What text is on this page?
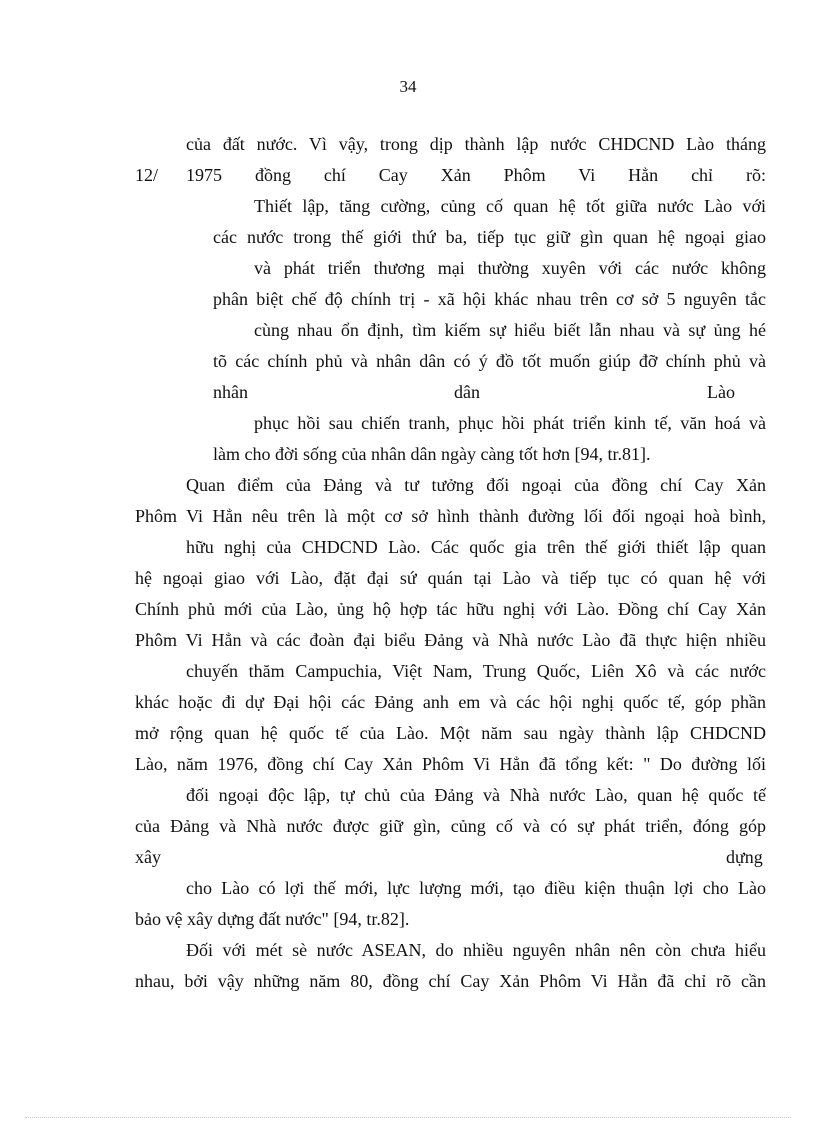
34
của đất nước. Vì vậy, trong dịp thành lập nước CHDCND Lào tháng
12/ 1975 đồng chí Cay Xản Phôm Vi Hẳn chỉ rõ:
Thiết lập, tăng cường, củng cố quan hệ tốt giữa nước Lào với
các nước trong thế giới thứ ba, tiếp tục giữ gìn quan hệ ngoại giao
và phát triển thương mại thường xuyên với các nước không
phân biệt chế độ chính trị - xã hội khác nhau trên cơ sở 5 nguyên tắc
cùng nhau ổn định, tìm kiếm sự hiểu biết lẫn nhau và sự ủng hé
tõ các chính phủ và nhân dân có ý đồ tốt muốn giúp đỡ chính phủ và
nhân	dân	Lào
phục hồi sau chiến tranh, phục hồi phát triển kinh tế, văn hoá và
làm cho đời sống của nhân dân ngày càng tốt hơn [94, tr.81].
Quan điểm của Đảng và tư tưởng đối ngoại của đồng chí Cay Xản
Phôm Vi Hẳn nêu trên là một cơ sở hình thành đường lối đối ngoại hoà bình,
hữu nghị của CHDCND Lào. Các quốc gia trên thế giới thiết lập quan
hệ ngoại giao với Lào, đặt đại sứ quán tại Lào và tiếp tục có quan hệ với
Chính phủ mới của Lào, ủng hộ hợp tác hữu nghị với Lào. Đồng chí Cay Xản
Phôm Vi Hẳn và các đoàn đại biểu Đảng và Nhà nước Lào đã thực hiện nhiều
chuyến thăm Campuchia, Việt Nam, Trung Quốc, Liên Xô và các nước
khác hoặc đi dự Đại hội các Đảng anh em và các hội nghị quốc tế, góp phần
mở rộng quan hệ quốc tế của Lào. Một năm sau ngày thành lập CHDCND
Lào, năm 1976, đồng chí Cay Xản Phôm Vi Hẳn đã tổng kết: " Do đường lối
đối ngoại độc lập, tự chủ của Đảng và Nhà nước Lào, quan hệ quốc tế
của Đảng và Nhà nước được giữ gìn, củng cố và có sự phát triển, đóng góp
xây	dựng
cho Lào có lợi thế mới, lực lượng mới, tạo điều kiện thuận lợi cho Lào
bảo vệ xây dựng đất nước" [94, tr.82].
Đối với mét sè nước ASEAN, do nhiều nguyên nhân nên còn chưa hiểu
nhau, bởi vậy những năm 80, đồng chí Cay Xản Phôm Vi Hẳn đã chỉ rõ cần
